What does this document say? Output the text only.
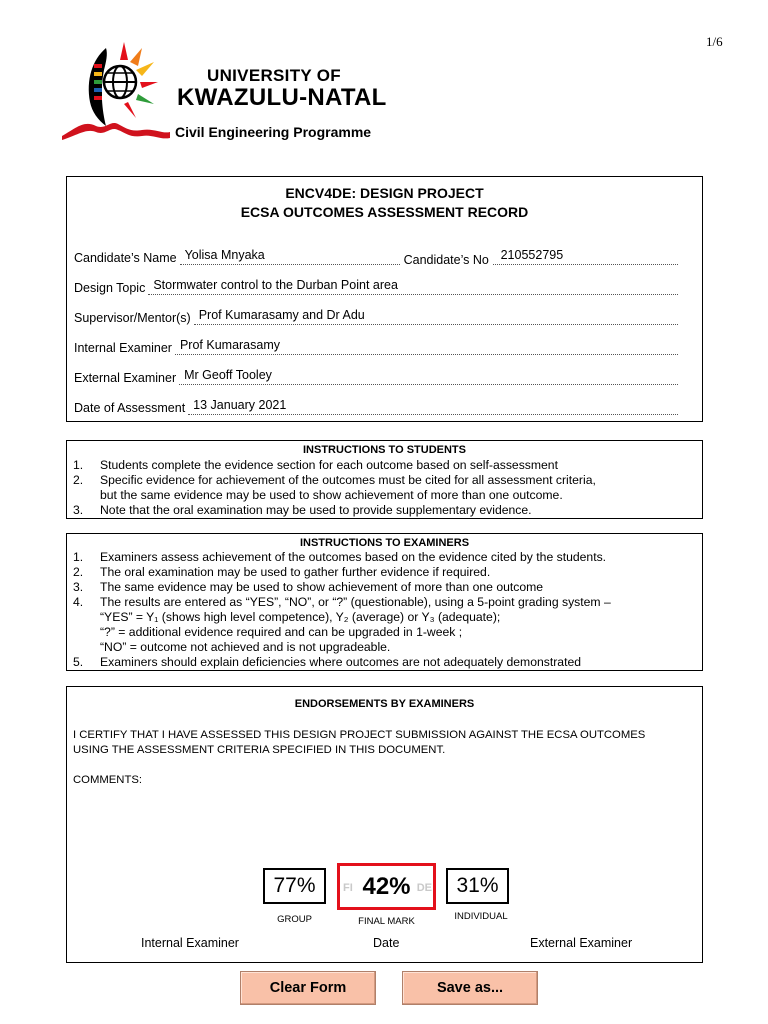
1/6
UNIVERSITY OF
KWAZULU-NATAL
Civil Engineering Programme
ENCV4DE: DESIGN PROJECT
ECSA OUTCOMES ASSESSMENT RECORD
Candidate’s Name Yolisa Mnyaka	Candidate’s No 210552795
Design Topic Stormwater control to the Durban Point area
Supervisor/Mentor(s) Prof Kumarasamy and Dr Adu
Internal Examiner Prof Kumarasamy
External Examiner Mr Geoff Tooley
Date of Assessment 13 January 2021
INSTRUCTIONS TO STUDENTS
1.	Students complete the evidence section for each outcome based on self-assessment
2.	Specific evidence for achievement of the outcomes must be cited for all assessment criteria,
but the same evidence may be used to show achievement of more than one outcome.
3.	Note that the oral examination may be used to provide supplementary evidence.
INSTRUCTIONS TO EXAMINERS
1.	Examiners assess achievement of the outcomes based on the evidence cited by the students.
2.	The oral examination may be used to gather further evidence if required.
3.	The same evidence may be used to show achievement of more than one outcome
4.	The results are entered as “YES”, “NO”, or “?” (questionable), using a 5-point grading system –
“YES” = Y₁ (shows high level competence), Y₂ (average) or Y₃ (adequate);
“?” = additional evidence required and can be upgraded in 1-week ;
“NO” = outcome not achieved and is not upgradeable.
5.	Examiners should explain deficiencies where outcomes are not adequately demonstrated
ENDORSEMENTS BY EXAMINERS
I CERTIFY THAT I HAVE ASSESSED THIS DESIGN PROJECT SUBMISSION AGAINST THE ECSA OUTCOMES
USING THE ASSESSMENT CRITERIA SPECIFIED IN THIS DOCUMENT.
COMMENTS:
77%
GROUP
FI 42% DE
FINAL MARK
31%
INDIVIDUAL
Internal Examiner	Date	External Examiner
Clear Form	Save as...
